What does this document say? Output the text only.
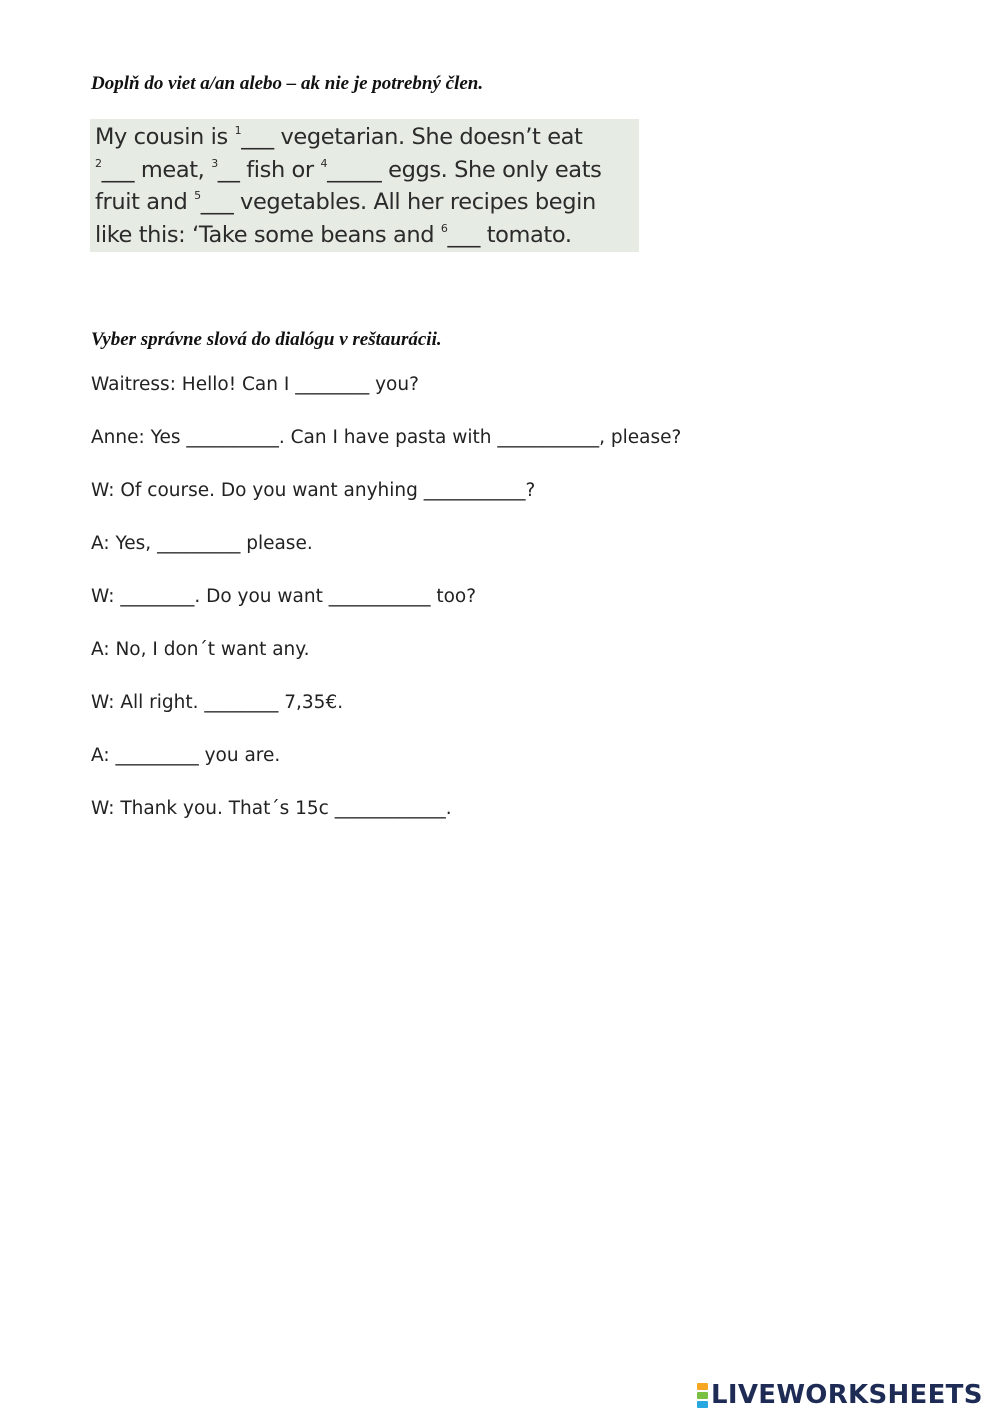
Doplň do viet a/an alebo – ak nie je potrebný člen.
My cousin is $^1$___ vegetarian. She doesn’t eat
$^2$___ meat, $^3$__ fish or $^4$_____ eggs. She only eats
fruit and $^5$___ vegetables. All her recipes begin
like this: ‘Take some beans and $^6$___ tomato.
Vyber správne slová do dialógu v reštaurácii.
Waitress: Hello! Can I ________ you?
Anne: Yes __________. Can I have pasta with ___________, please?
W: Of course. Do you want anyhing ___________?
A: Yes, _________ please.
W: ________. Do you want ___________ too?
A: No, I don´t want any.
W: All right. ________ 7,35€.
A: _________ you are.
W: Thank you. That´s 15c ____________.
LIVEWORKSHEETS
